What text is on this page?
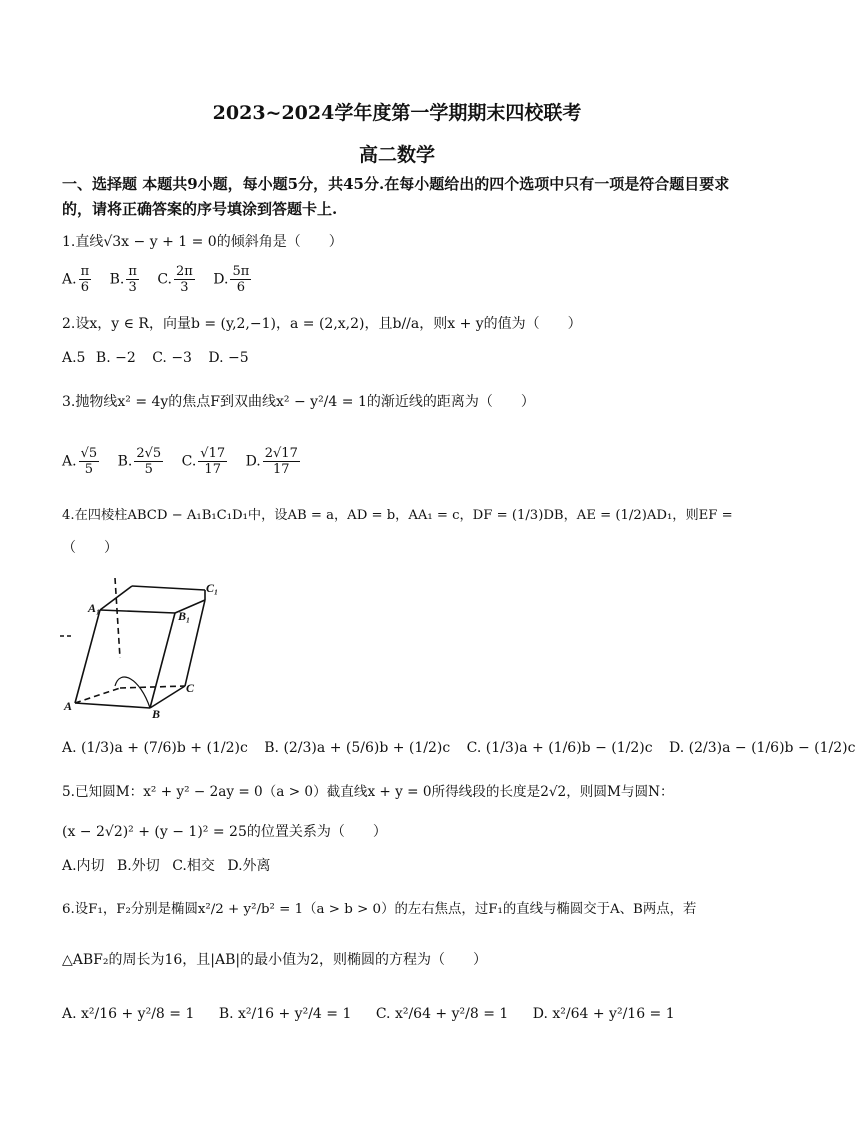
2023~2024学年度第一学期期末四校联考
高二数学
一、选择题 本题共9小题，每小题5分，共45分.在每小题给出的四个选项中只有一项是符合题目要求的，请将正确答案的序号填涂到答题卡上.
1.直线√3x − y + 1 = 0的倾斜角是（　　）
A. $\frac{\pi}{6} B$. $\frac{\pi}{3} C$. $\frac{2\pi}{3} D$. $\frac{5\pi}{6}$
2.设x，y ∈ R，向量b = (y,2,−1)，a = (2,x,2)，且b//a，则x + y的值为（　　）
A.5 B. −2 C. −3 D. −5
3.抛物线x² = 4y的焦点F到双曲线x² − y²/4 = 1的渐近线的距离为（　　）
A. $\frac{√5}{5} B$. $\frac{2√5}{5} C$. $\frac{√17}{17} D$. $\frac{2√17}{17}$
4.在四棱柱ABCD − A₁B₁C₁D₁中，设AB = a，AD = b，AA₁ = c，DF = (1/3)DB，AE = (1/2)AD₁，则EF =
（　　）
A₁
C₁
B₁
C
A
B
A. (1/3)a + (7/6)b + (1/2)c B. (2/3)a + (5/6)b + (1/2)c C. (1/3)a + (1/6)b − (1/2)c D. (2/3)a − (1/6)b − (1/2)c
5.已知圆M：x² + y² − 2ay = 0（a > 0）截直线x + y = 0所得线段的长度是2√2，则圆M与圆N：
(x − 2√2)² + (y − 1)² = 25的位置关系为（　　）
A.内切 B.外切 C.相交 D.外离
6.设F₁，F₂分别是椭圆x²/2 + y²/b² = 1（a > b > 0）的左右焦点，过F₁的直线与椭圆交于A、B两点，若
△ABF₂的周长为16，且|AB|的最小值为2，则椭圆的方程为（　　）
A. x²/16 + y²/8 = 1 B. x²/16 + y²/4 = 1 C. x²/64 + y²/8 = 1 D. x²/64 + y²/16 = 1
